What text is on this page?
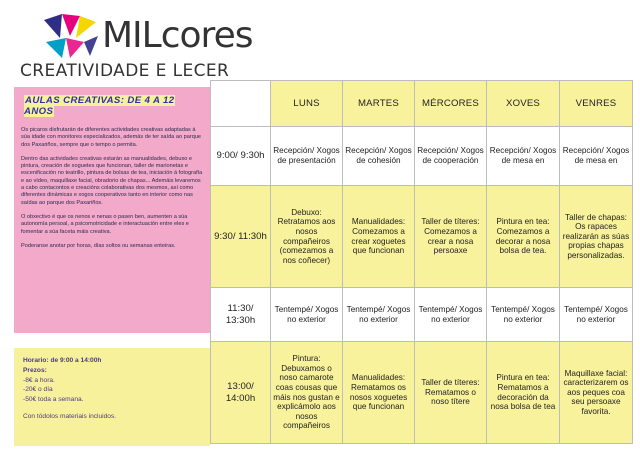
MILcores
CREATIVIDADE E LECER
AULAS CREATIVAS: DE 4 A 12 ANOS

Os picaros disfrutarán de diferentes actividades creativas adaptadas á súa idade con monitores especializados, además de ter saída ao parque dos Paxariños, sempre que o tempo o permita.

Dentro das actividades creativas estarán as manualidades, debuxo e pintura, creación de xoguetes que funcionan, taller de marionetas e escenificación no teatrillo, pintura de bolsas de tea, iniciación á fotografía e ao vídeo, maquillaxe facial, obradorio de chapas... Ademáis levaremos a cabo contacontos e creacións colaborativas dos mesmos, así como diferentes dinámicas e xogos cooperativos tanto en interior como nas saídas ao parque dos Paxariños.

O obxectivo é que os nenos e nenas o pasen ben, aumenten a súa autonomía persoal, a psicomotricidade e interactuación entre eles e fomentar a súa faceta máis creativa.

Poderanse anotar por horas, días soltos ou semanas enteiras.

Horario: de 9:00 a 14:00h
Prezos:
-8€ a hora.
-20€ o día
-50€ toda a semana.
Con tódolos materiais incluidos.
	LUNS	MARTES	MÉRCORES	XOVES	VENRES
9:00/ 9:30h	Recepción/ Xogos de presentación	Recepción/ Xogos de cohesión	Recepción/ Xogos de cooperación	Recepción/ Xogos de mesa en	Recepción/ Xogos de mesa en
9:30/ 11:30h	Debuxo: Retratamos aos nosos compañeiros (comezamos a nos coñecer)	Manualidades: Comezamos a crear xoguetes que funcionan	Taller de títeres: Comezamos a crear a nosa persoaxe	Pintura en tea: Comezamos a decorar a nosa bolsa de tea.	Taller de chapas: Os rapaces realizarán as súas propias chapas personalizadas.
11:30/ 13:30h	Tentempé/ Xogos no exterior	Tentempé/ Xogos no exterior	Tentempé/ Xogos no exterior	Tentempé/ Xogos no exterior	Tentempé/ Xogos no exterior
13:00/ 14:00h	Pintura: Debuxamos o noso camarote coas cousas que máis nos gustan e explicámolo aos nosos compañeiros	Manualidades: Rematamos os nosos xoguetes que funcionan	Taller de títeres: Rematamos o noso títere	Pintura en tea: Rematamos a decoración da nosa bolsa de tea	Maquillaxe facial: caracterizarem os aos peques coa seu persoaxe favorita.
